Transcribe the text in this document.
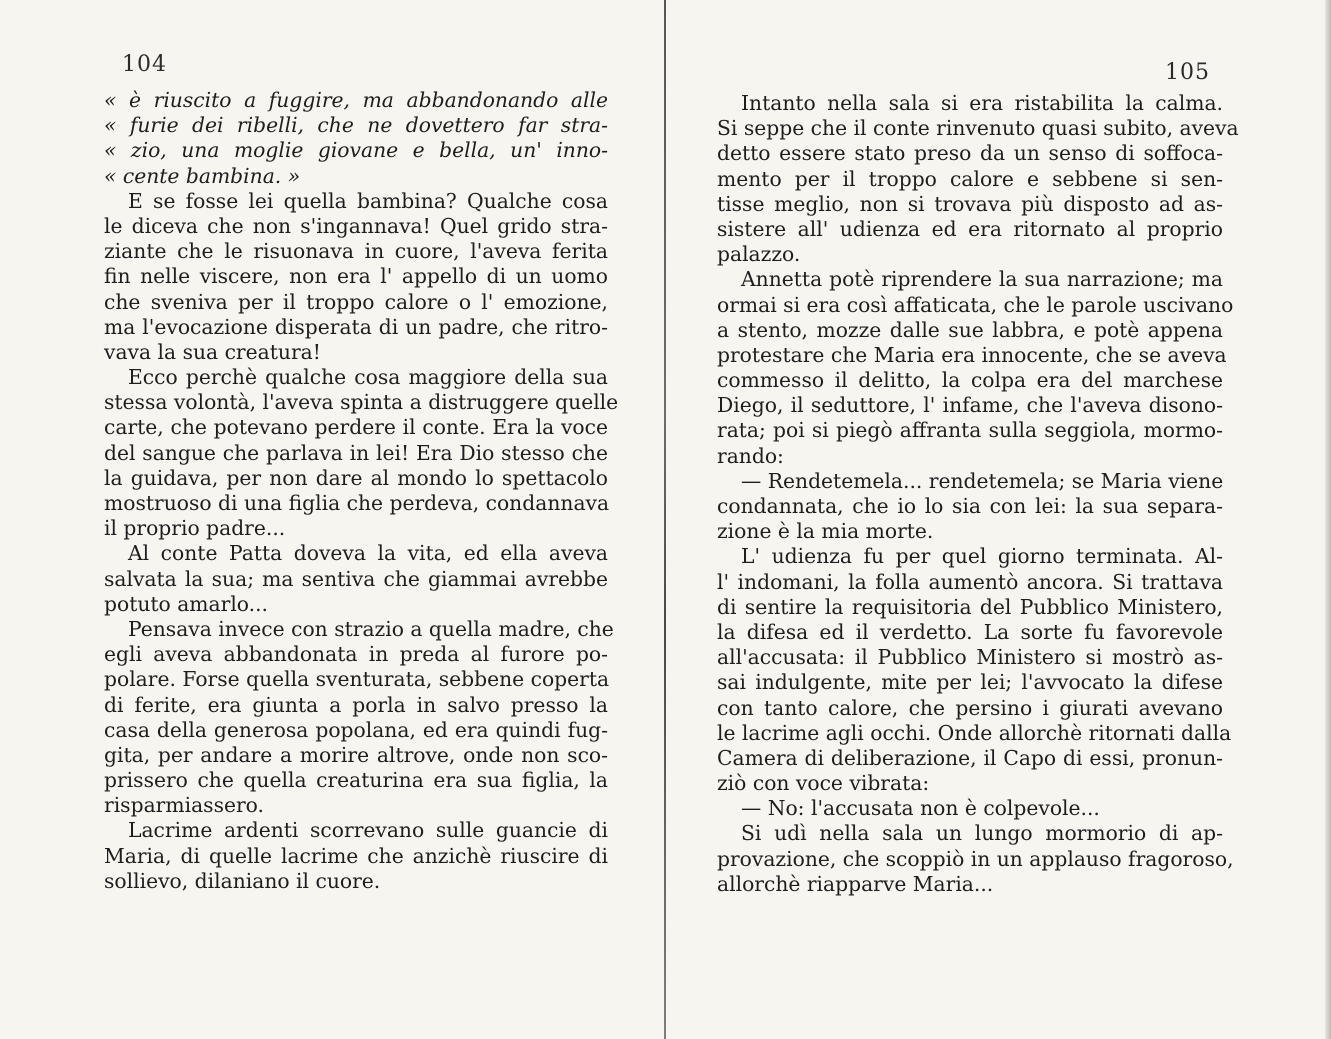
104
« è riuscito a fuggire, ma abbandonando alle
« furie dei ribelli, che ne dovettero far stra-
« zio, una moglie giovane e bella, un' inno-
« cente bambina. »
E se fosse lei quella bambina? Qualche cosa
le diceva che non s'ingannava! Quel grido stra-
ziante che le risuonava in cuore, l'aveva ferita
fin nelle viscere, non era l' appello di un uomo
che sveniva per il troppo calore o l' emozione,
ma l'evocazione disperata di un padre, che ritro-
vava la sua creatura!
Ecco perchè qualche cosa maggiore della sua
stessa volontà, l'aveva spinta a distruggere quelle
carte, che potevano perdere il conte. Era la voce
del sangue che parlava in lei! Era Dio stesso che
la guidava, per non dare al mondo lo spettacolo
mostruoso di una figlia che perdeva, condannava
il proprio padre...
Al conte Patta doveva la vita, ed ella aveva
salvata la sua; ma sentiva che giammai avrebbe
potuto amarlo...
Pensava invece con strazio a quella madre, che
egli aveva abbandonata in preda al furore po-
polare. Forse quella sventurata, sebbene coperta
di ferite, era giunta a porla in salvo presso la
casa della generosa popolana, ed era quindi fug-
gita, per andare a morire altrove, onde non sco-
prissero che quella creaturina era sua figlia, la
risparmiassero.
Lacrime ardenti scorrevano sulle guancie di
Maria, di quelle lacrime che anzichè riuscire di
sollievo, dilaniano il cuore.
105
Intanto nella sala si era ristabilita la calma.
Si seppe che il conte rinvenuto quasi subito, aveva
detto essere stato preso da un senso di soffoca-
mento per il troppo calore e sebbene si sen-
tisse meglio, non si trovava più disposto ad as-
sistere all' udienza ed era ritornato al proprio
palazzo.
Annetta potè riprendere la sua narrazione; ma
ormai si era così affaticata, che le parole uscivano
a stento, mozze dalle sue labbra, e potè appena
protestare che Maria era innocente, che se aveva
commesso il delitto, la colpa era del marchese
Diego, il seduttore, l' infame, che l'aveva disono-
rata; poi si piegò affranta sulla seggiola, mormo-
rando:
— Rendetemela... rendetemela; se Maria viene
condannata, che io lo sia con lei: la sua separa-
zione è la mia morte.
L' udienza fu per quel giorno terminata. Al-
l' indomani, la folla aumentò ancora. Si trattava
di sentire la requisitoria del Pubblico Ministero,
la difesa ed il verdetto. La sorte fu favorevole
all'accusata: il Pubblico Ministero si mostrò as-
sai indulgente, mite per lei; l'avvocato la difese
con tanto calore, che persino i giurati avevano
le lacrime agli occhi. Onde allorchè ritornati dalla
Camera di deliberazione, il Capo di essi, pronun-
ziò con voce vibrata:
— No: l'accusata non è colpevole...
Si udì nella sala un lungo mormorio di ap-
provazione, che scoppiò in un applauso fragoroso,
allorchè riapparve Maria...
